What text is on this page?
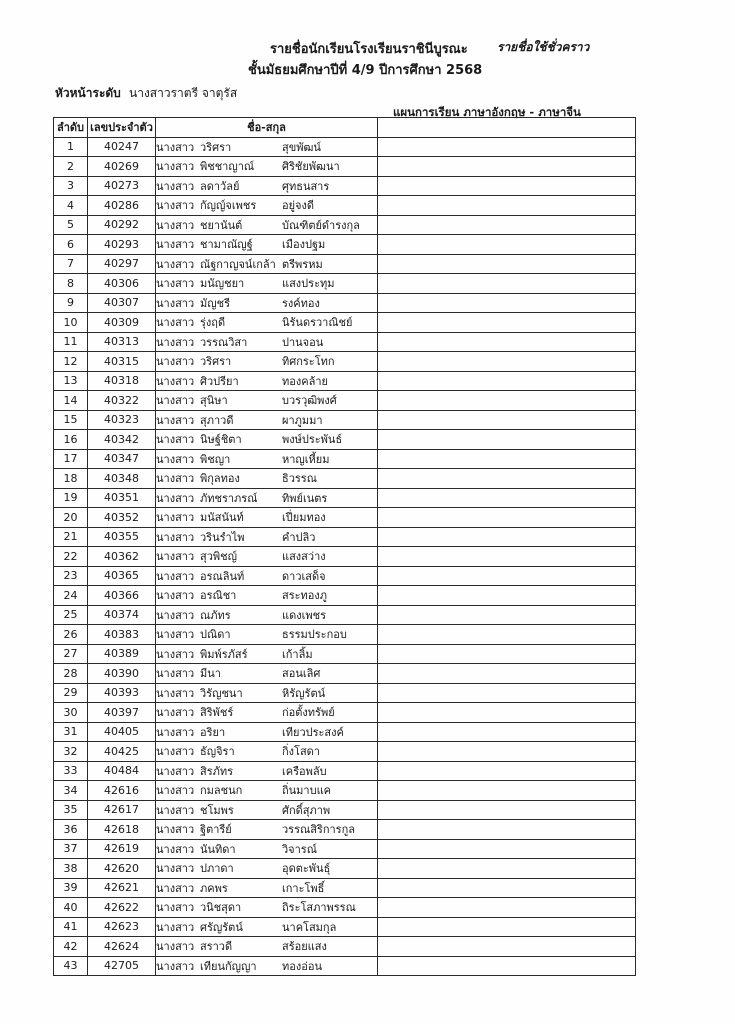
รายชื่อนักเรียนโรงเรียนราชินีบูรณะ รายชื่อใช้ชั่วคราว
ชั้นมัธยมศึกษาปีที่ 4/9 ปีการศึกษา 2568
หัวหน้าระดับ นางสาวราตรี จาตุรัส
แผนการเรียน ภาษาอังกฤษ - ภาษาจีน
ลำดับ	เลขประจำตัว	ชื่อ-สกุล	
1	40247	นางสาว วริศรา สุขพัฒน์	
2	40269	นางสาว พิชชาญาณ์ ศิริชัยพัฒนา	
3	40273	นางสาว ลดาวัลย์ ศุทธนสาร	
4	40286	นางสาว กัญญ์จเพชร อยู่จงดี	
5	40292	นางสาว ชยานันต์ บัณฑิตย์ดำรงกุล	
6	40293	นางสาว ชามาณัญฐ์ เมืองปฐม	
7	40297	นางสาว ณัฐกาญจน์เกล้า ตรีพรหม	
8	40306	นางสาว มนัญชยา แสงประทุม	
9	40307	นางสาว มัญชรี รงค์ทอง	
10	40309	นางสาว รุ่งฤดี นิรันดรวาณิชย์	
11	40313	นางสาว วรรณวิสา ปานจอน	
12	40315	นางสาว วริศรา ทิศกระโทก	
13	40318	นางสาว ศิวปรียา ทองคล้าย	
14	40322	นางสาว สุนิษา บวรวุฒิพงศ์	
15	40323	นางสาว สุภาวดี ผาภูมมา	
16	40342	นางสาว นิษฐ์ชิตา พงษ์ประพันธ์	
17	40347	นางสาว พิชญา หาญเหี้ยม	
18	40348	นางสาว พิกุลทอง ธิวรรณ	
19	40351	นางสาว ภัทชราภรณ์ ทิพย์เนตร	
20	40352	นางสาว มนัสนันท์ เปี่ยมทอง	
21	40355	นางสาว วรินรำไพ คำปลิว	
22	40362	นางสาว สุวพิชญ์ แสงสว่าง	
23	40365	นางสาว อรณลินท์ ดาวเสด็จ	
24	40366	นางสาว อรณิชา สระทองภู	
25	40374	นางสาว ณภัทร แดงเพชร	
26	40383	นางสาว ปณิดา ธรรมประกอบ	
27	40389	นางสาว พิมพ์รภัสร์ เก้าลิ้ม	
28	40390	นางสาว มีนา สอนเลิศ	
29	40393	นางสาว วิรัญชนา หิรัญรัตน์	
30	40397	นางสาว สิริพัชร์ ก่อตั้งทรัพย์	
31	40405	นางสาว อริยา เทียวประสงค์	
32	40425	นางสาว ธัญจิรา กิ่งโสดา	
33	40484	นางสาว สิรภัทร เครือพลับ	
34	42616	นางสาว กมลชนก ถิ่นมาบแค	
35	42617	นางสาว ชโมพร ศักดิ์สุภาพ	
36	42618	นางสาว ฐิตารีย์ วรรณสิริการกูล	
37	42619	นางสาว นันทิดา วิจารณ์	
38	42620	นางสาว ปภาดา อุดตะพันธุ์	
39	42621	นางสาว ภคพร เกาะโพธิ์	
40	42622	นางสาว วนิชสุดา ถิระโสภาพรรณ	
41	42623	นางสาว ศรัญรัตน์ นาคโสมกุล	
42	42624	นางสาว สราวดี สร้อยแสง	
43	42705	นางสาว เทียนกัญญา ทองอ่อน	
